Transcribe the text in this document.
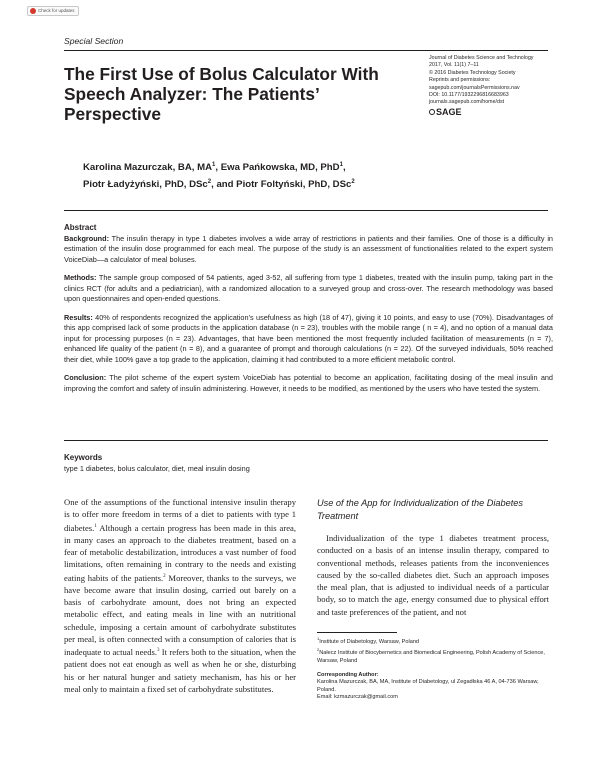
Check for updates
Special Section
The First Use of Bolus Calculator With Speech Analyzer: The Patients’ Perspective
Journal of Diabetes Science and Technology
2017, Vol. 11(1) 7–11
© 2016 Diabetes Technology Society
Reprints and permissions:
sagepub.com/journalsPermissions.nav
DOI: 10.1177/1932296816683963
journals.sagepub.com/home/dst
SAGE
Karolina Mazurczak, BA, $MA^1$, Ewa Pańkowska, MD, PhD$^1$,
Piotr Ładyżyński, PhD, DSc$^2$, and Piotr Foltyński, PhD, DSc$^2$
Abstract

Background: The insulin therapy in type 1 diabetes involves a wide array of restrictions in patients and their families. One of those is a difficulty in estimation of the insulin dose programmed for each meal. The purpose of the study is an assessment of functionalities related to the expert system VoiceDiab—a calculator of meal boluses.

Methods: The sample group composed of 54 patients, aged 3-52, all suffering from type 1 diabetes, treated with the insulin pump, taking part in the clinics RCT (for adults and a pediatrician), with a randomized allocation to a surveyed group and cross-over. The research methodology was based upon questionnaires and open-ended questions.

Results: 40% of respondents recognized the application’s usefulness as high (18 of 47), giving it 10 points, and easy to use (70%). Disadvantages of this app comprised lack of some products in the application database (n = 23), troubles with the mobile range ( n = 4), and no option of a manual data input for processing purposes (n = 23). Advantages, that have been mentioned the most frequently included facilitation of measurements (n = 7), enhanced life quality of the patient (n = 8), and a guarantee of prompt and thorough calculations (n = 22). Of the surveyed individuals, 50% reached their diet, while 100% gave a top grade to the application, claiming it had contributed to a more efficient metabolic control.

Conclusion: The pilot scheme of the expert system VoiceDiab has potential to become an application, facilitating dosing of the meal insulin and improving the comfort and safety of insulin administering. However, it needs to be modified, as mentioned by the users who have tested the system.

Keywords
type 1 diabetes, bolus calculator, diet, meal insulin dosing

One of the assumptions of the functional intensive insulin therapy is to offer more freedom in terms of a diet to patients with type 1 diabetes.$^1$ Although a certain progress has been made in this area, in many cases an approach to the diabetes treatment, based on a fear of metabolic destabilization, introduces a vast number of food limitations, often remaining in contrary to the needs and existing eating habits of the patients.$^2$ Moreover, thanks to the surveys, we have become aware that insulin dosing, carried out barely on a basis of carbohydrate amount, does not bring an expected metabolic effect, and eating meals in line with an nutritional schedule, imposing a certain amount of carbohydrate substitutes per meal, is often connected with a consumption of calories that is inadequate to actual needs.$^3$ It refers both to the situation, when the patient does not eat enough as well as when he or she, disturbing his or her natural hunger and satiety mechanism, has his or her meal only to maintain a fixed set of carbohydrate substitutes.

Use of the App for Individualization of the Diabetes Treatment

Individualization of the type 1 diabetes treatment process, conducted on a basis of an intense insulin therapy, compared to conventional methods, releases patients from the inconveniences caused by the so-called diabetes diet. Such an approach imposes the meal plan, that is adjusted to individual needs of a particular body, so to match the age, energy consumed due to physical effort and taste preferences of the patient, and not

$^1$Institute of Diabetology, Warsaw, Poland
$^2$Nałecz Institute of Biocybernetics and Biomedical Engineering, Polish Academy of Science, Warsaw, Poland
Corresponding Author:
Karolina Mazurczak, BA, MA, Institute of Diabetology, ul Zegadłska 46 A, 04-736 Warsaw, Poland.
Email: kzmazurczak@gmail.com
